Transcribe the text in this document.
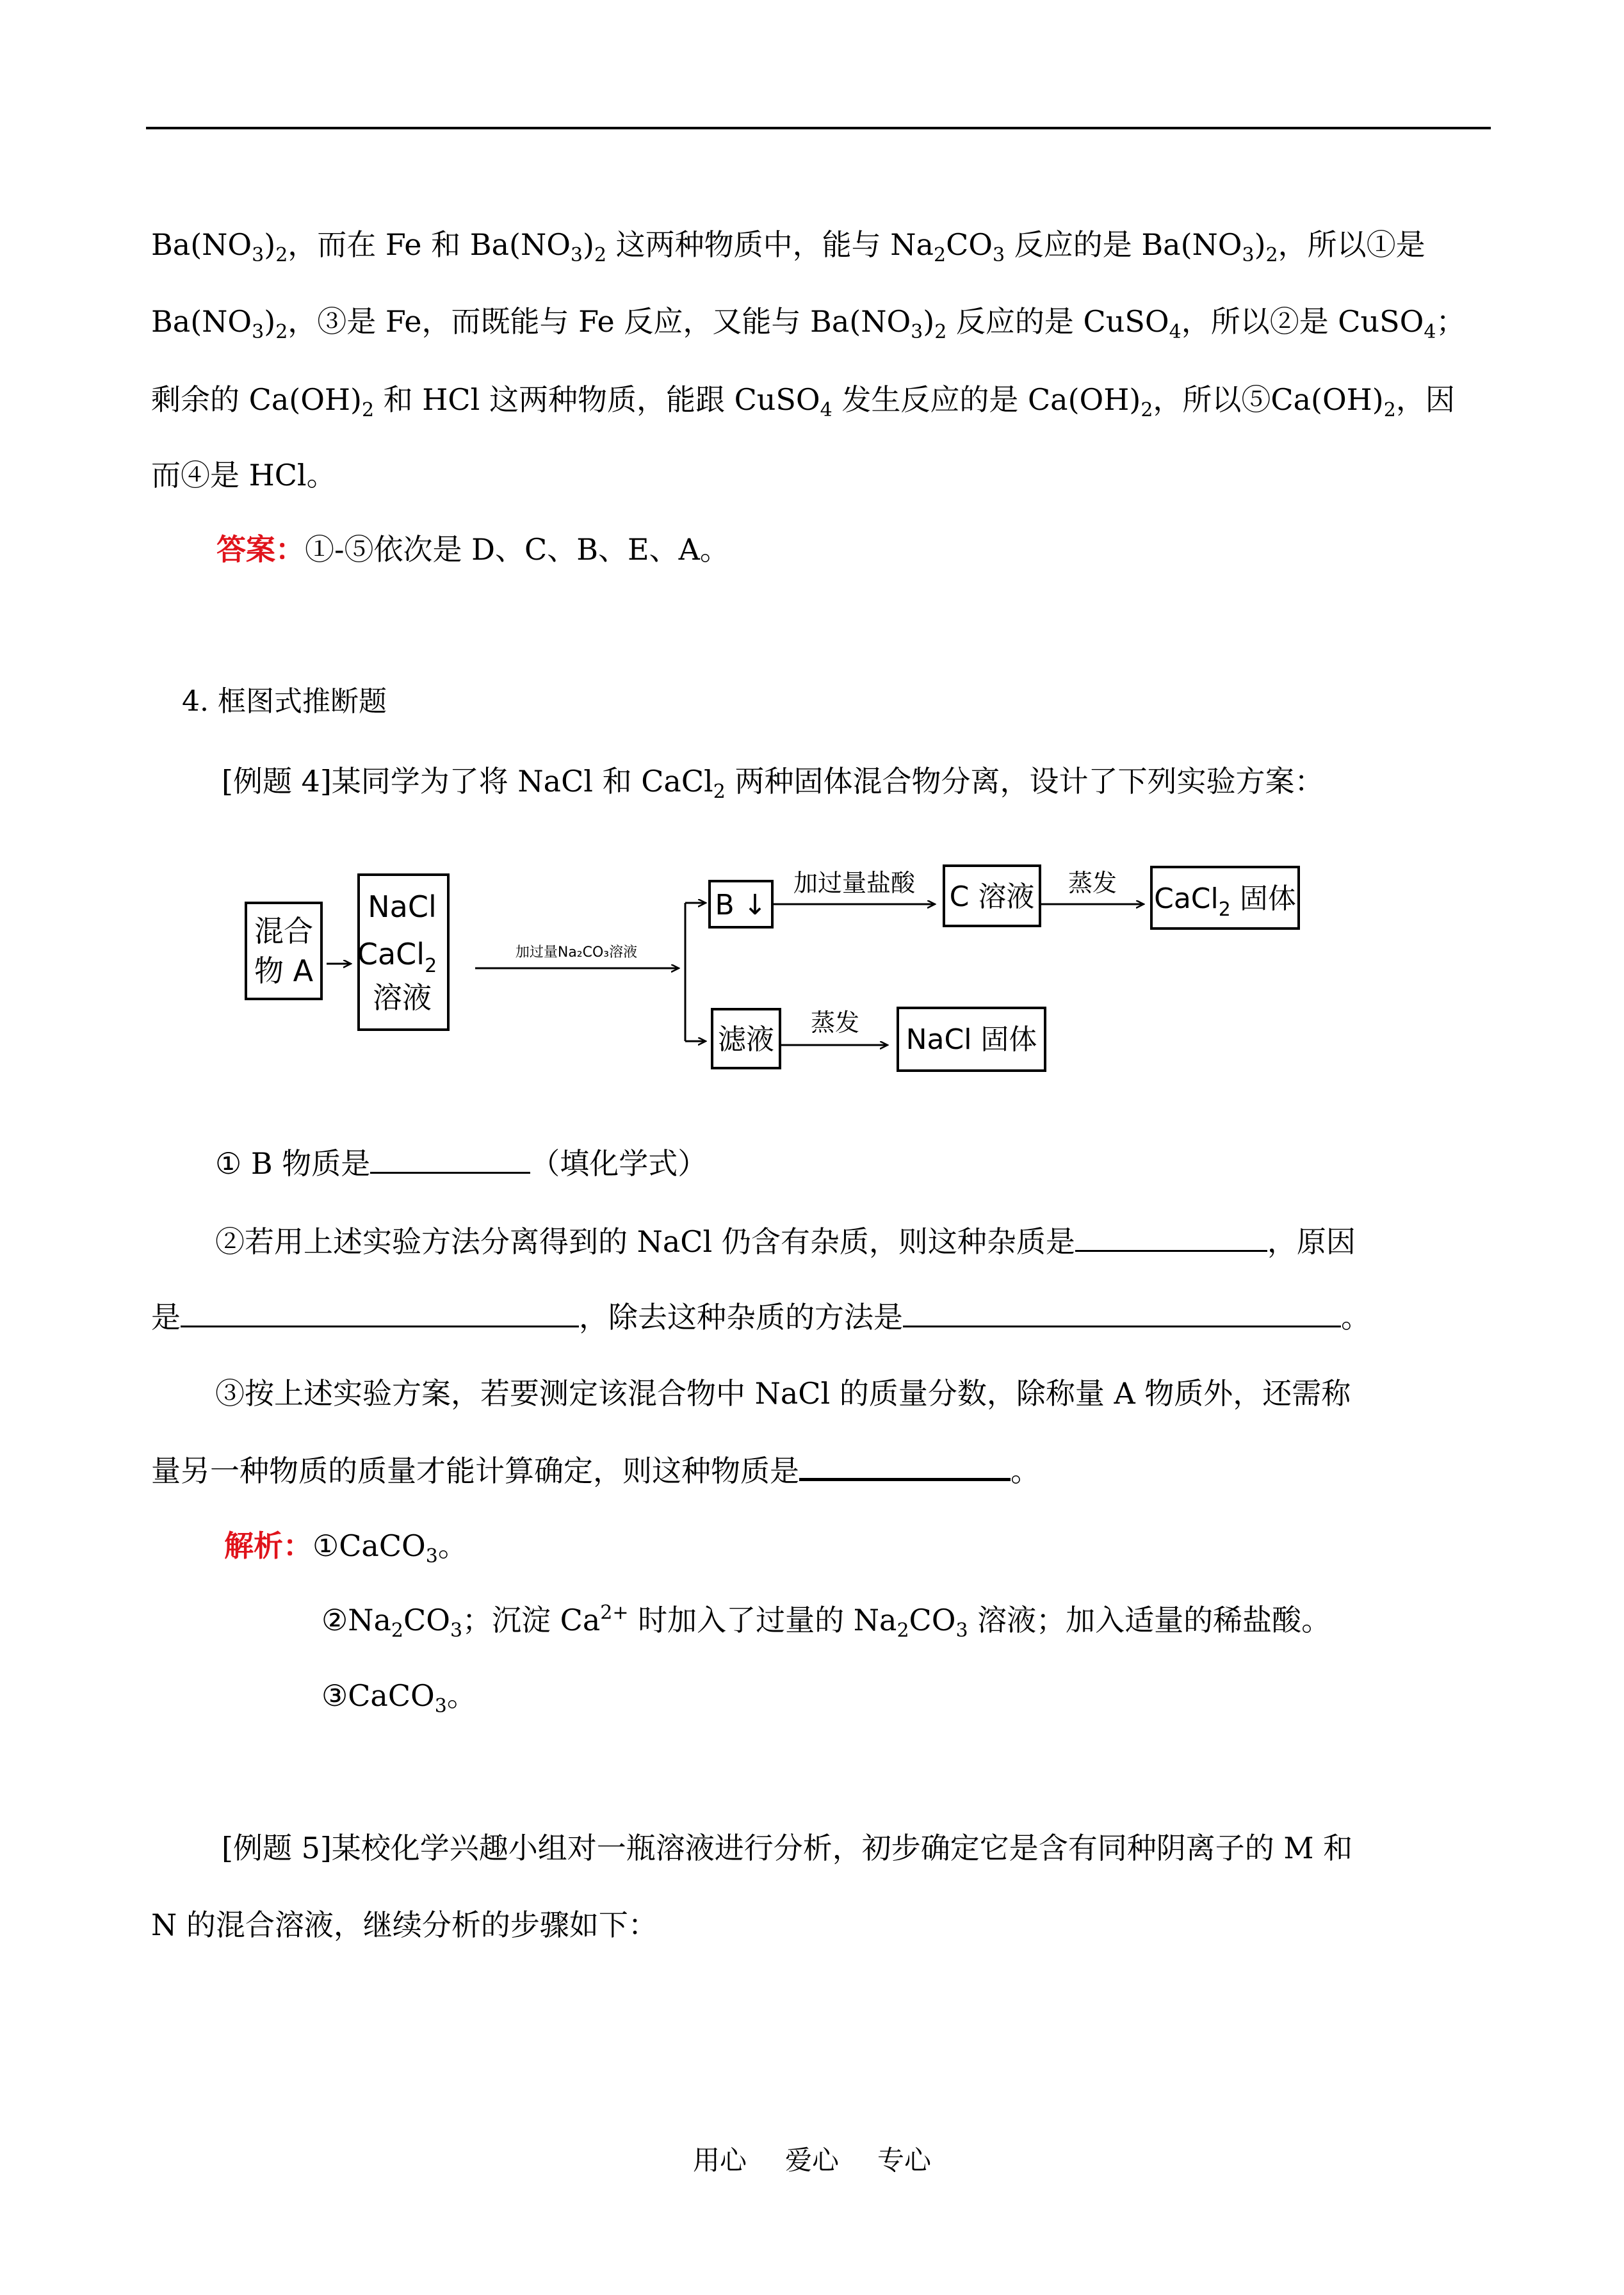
$Ba(NO_3)_2$，而在 Fe 和 $Ba(NO_3)_2$ 这两种物质中，能与 $Na_2CO_3$ 反应的是 $Ba(NO_3)_2$，所以①是
$Ba(NO_3)_2$，③是 Fe，而既能与 Fe 反应，又能与 $Ba(NO_3)_2$ 反应的是 CuSO$_4$，所以②是 CuSO$_4$；
剩余的 $Ca(OH)_2$ 和 HCl 这两种物质，能跟 CuSO$_4$ 发生反应的是 $Ca(OH)_2$，所以$⑤Ca(OH)_2$，因
而④是 HCl。
答案：①-⑤依次是 D、C、B、E、A。
4. 框图式推断题
[例题 4]某同学为了将 NaCl 和 CaCl$_2$ 两种固体混合物分离，设计了下列实验方案：
混合
物 A
NaCl
CaCl$_2$
溶液
加过量Na₂CO₃溶液
B ↓
加过量盐酸 C 溶液 蒸发 CaCl$_2$ 固体
滤液
蒸发
NaCl 固体
① B 物质是	（填化学式）
②若用上述实验方法分离得到的 NaCl 仍含有杂质，则这种杂质是	，原因
是	，除去这种杂质的方法是	。
③按上述实验方案，若要测定该混合物中 NaCl 的质量分数，除称量 A 物质外，还需称
量另一种物质的质量才能计算确定，则这种物质是	。
解析：①CaCO$_3$。
$②Na_2CO_3$；沉淀 $Ca^{2+}$ 时加入了过量的 $Na_2CO_3$ 溶液；加入适量的稀盐酸。
③CaCO$_3$。
[例题 5]某校化学兴趣小组对一瓶溶液进行分析，初步确定它是含有同种阴离子的 M 和
N 的混合溶液，继续分析的步骤如下：
用心 爱心 专心
